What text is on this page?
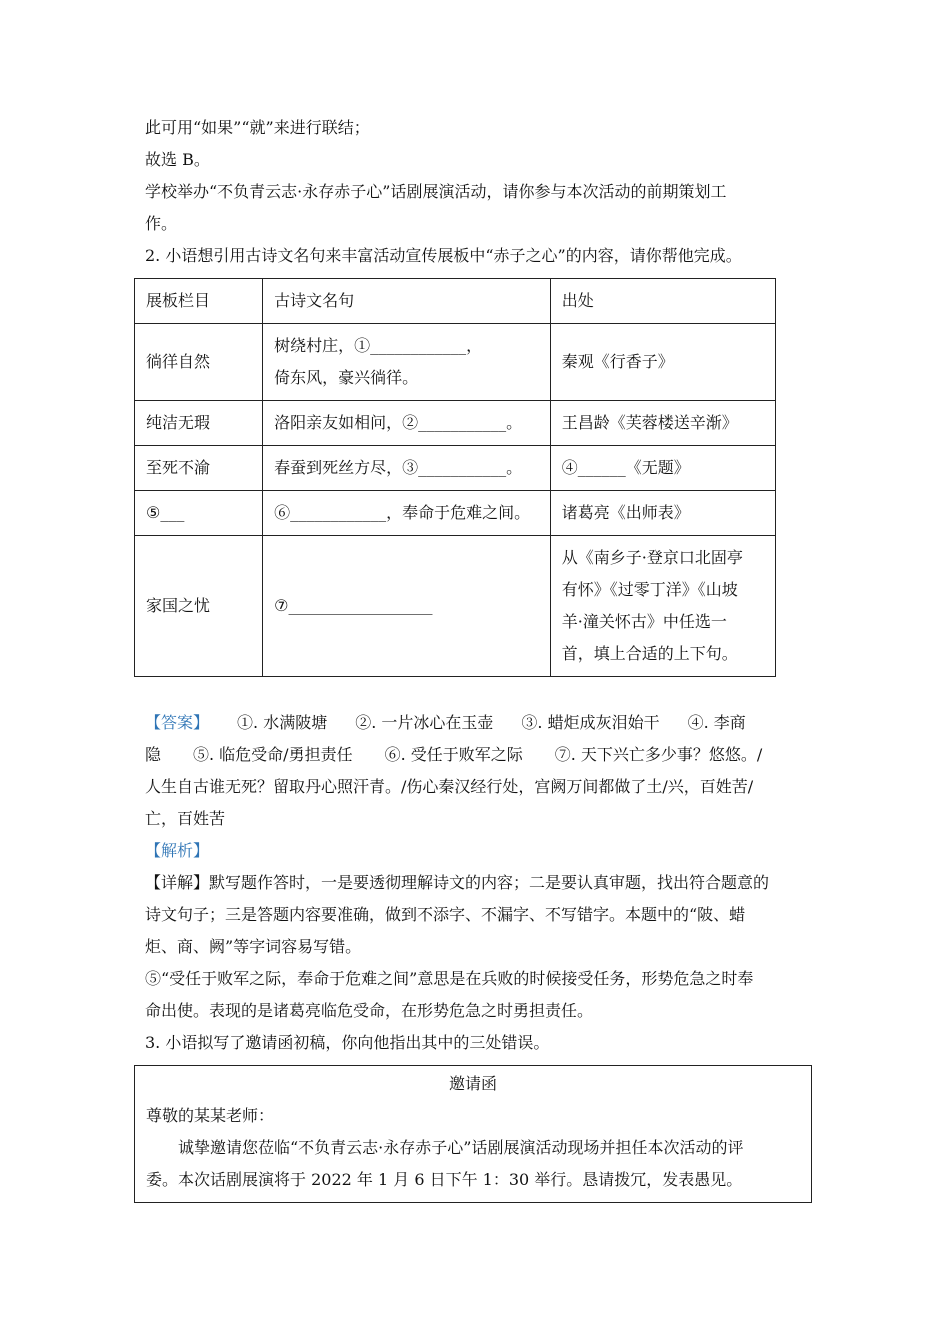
此可用“如果”“就”来进行联结；

故选 B。

学校举办“不负青云志·永存赤子心”话剧展演活动，请你参与本次活动的前期策划工

作。

2. 小语想引用古诗文名句来丰富活动宣传展板中“赤子之心”的内容，请你帮他完成。

展板栏目	古诗文名句	出处
徜徉自然	树绕村庄，①____________，
倚东风，豪兴徜徉。	秦观《行香子》
纯洁无瑕	洛阳亲友如相问，②___________。	王昌龄《芙蓉楼送辛渐》
至死不渝	春蚕到死丝方尽，③___________。	④______《无题》
⑤___	⑥____________，奉命于危难之间。	诸葛亮《出师表》
家国之忧	⑦__________________	从《南乡子·登京口北固亭
有怀》《过零丁洋》《山坡
羊·潼关怀古》中任选一
首，填上合适的上下句。

【答案】 ①. 水满陂塘 ②. 一片冰心在玉壶 ③. 蜡炬成灰泪始干 ④. 李商

隐　　⑤. 临危受命/勇担责任　　⑥. 受任于败军之际　　⑦. 天下兴亡多少事？悠悠。/

人生自古谁无死？留取丹心照汗青。/伤心秦汉经行处，宫阙万间都做了土/兴，百姓苦/

亡，百姓苦

【解析】

【详解】默写题作答时，一是要透彻理解诗文的内容；二是要认真审题，找出符合题意的

诗文句子；三是答题内容要准确，做到不添字、不漏字、不写错字。本题中的“陂、蜡

炬、商、阙”等字词容易写错。

⑤“受任于败军之际，奉命于危难之间”意思是在兵败的时候接受任务，形势危急之时奉

命出使。表现的是诸葛亮临危受命，在形势危急之时勇担责任。

3. 小语拟写了邀请函初稿，你向他指出其中的三处错误。

邀请函

尊敬的某某老师：

诚挚邀请您莅临“不负青云志·永存赤子心”话剧展演活动现场并担任本次活动的评

委。本次话剧展演将于 2022 年 1 月 6 日下午 1：30 举行。恳请拨冗，发表愚见。
